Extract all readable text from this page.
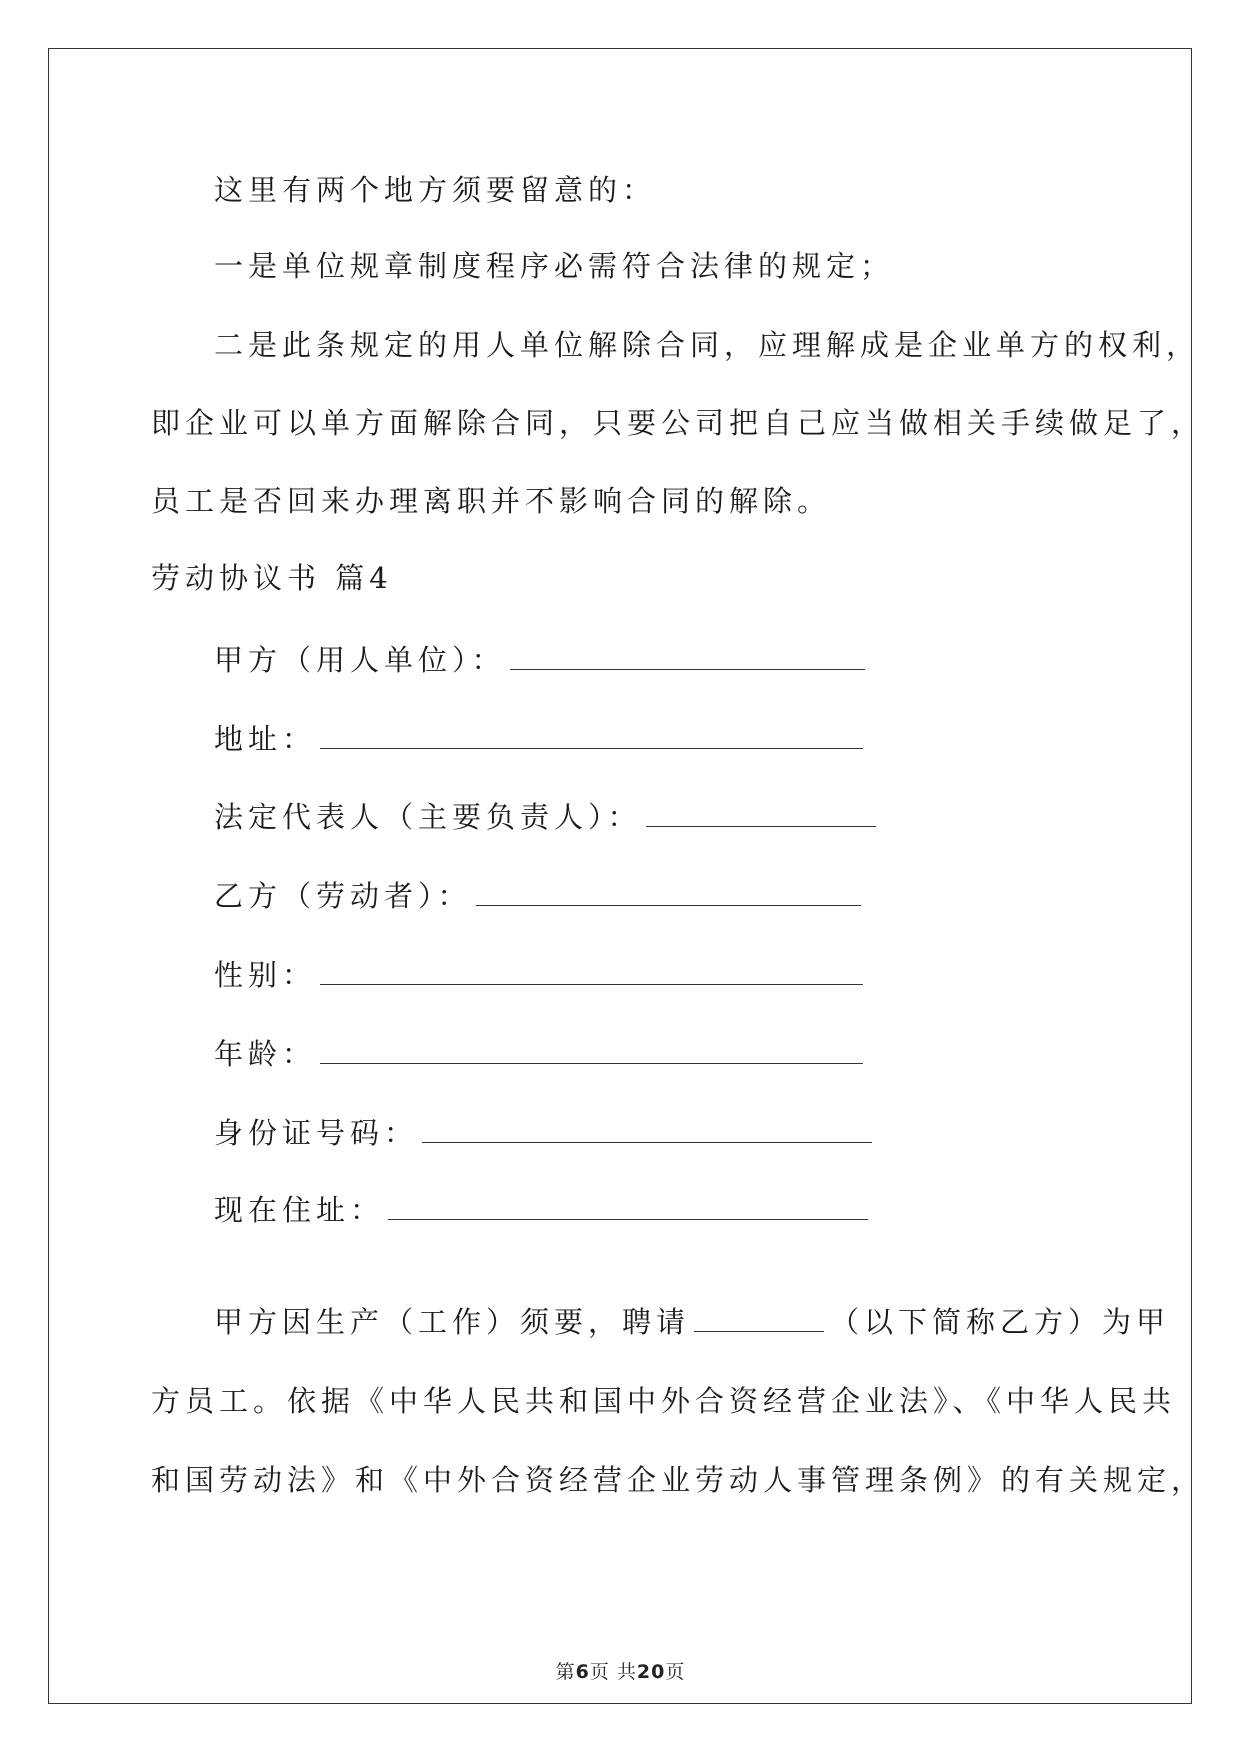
这里有两个地方须要留意的：
一是单位规章制度程序必需符合法律的规定；
二是此条规定的用人单位解除合同，应理解成是企业单方的权利，
即企业可以单方面解除合同，只要公司把自己应当做相关手续做足了，
员工是否回来办理离职并不影响合同的解除。
劳动协议书 篇4
甲方（用人单位）：
地址：
法定代表人（主要负责人）：
乙方（劳动者）：
性别：
年龄：
身份证号码：
现在住址：
甲方因生产（工作）须要，聘请	（以下简称乙方）为甲
方员工。依据《中华人民共和国中外合资经营企业法》、《中华人民共
和国劳动法》和《中外合资经营企业劳动人事管理条例》的有关规定，
第6页 共20页
